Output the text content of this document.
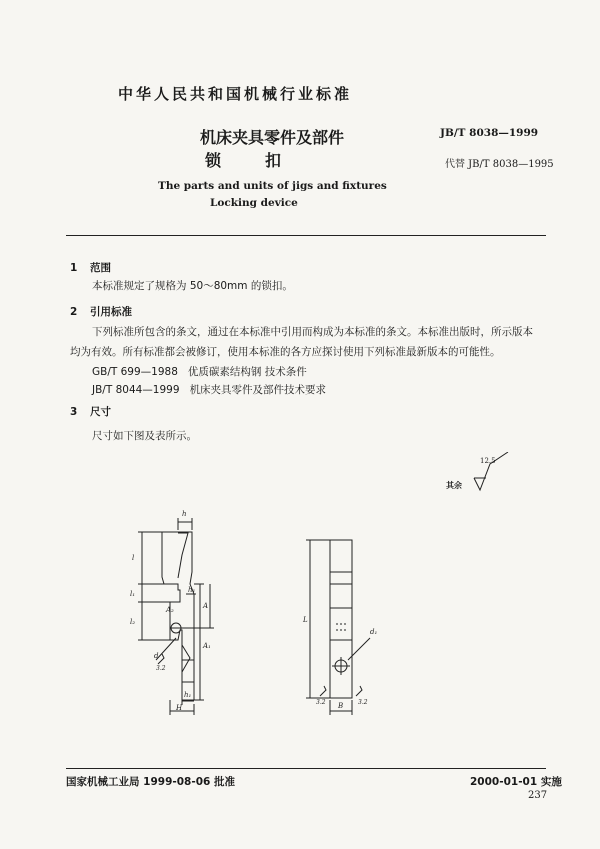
中华人民共和国机械行业标准
机床夹具零件及部件
锁扣
JB/T 8038—1999
代替 JB/T 8038—1995
The parts and units of jigs and fixtures
Locking device
1 范围
本标准规定了规格为 50～80mm 的锁扣。
2 引用标准
下列标准所包含的条文，通过在本标准中引用而构成为本标准的条文。本标准出版时，所示版本
均为有效。所有标准都会被修订，使用本标准的各方应探讨使用下列标准最新版本的可能性。
GB/T 699—1988 优质碳素结构钢 技术条件
JB/T 8044—1999 机床夹具零件及部件技术要求
3 尺寸
尺寸如下图及表所示。
其余
12.5
h
l
l₁
l₂
h₁
A₂	A
A₁
d
3.2
h₁
H
L
d₁
B
3.2	3.2
国家机械工业局 1999-08-06 批准	2000-01-01 实施
237
